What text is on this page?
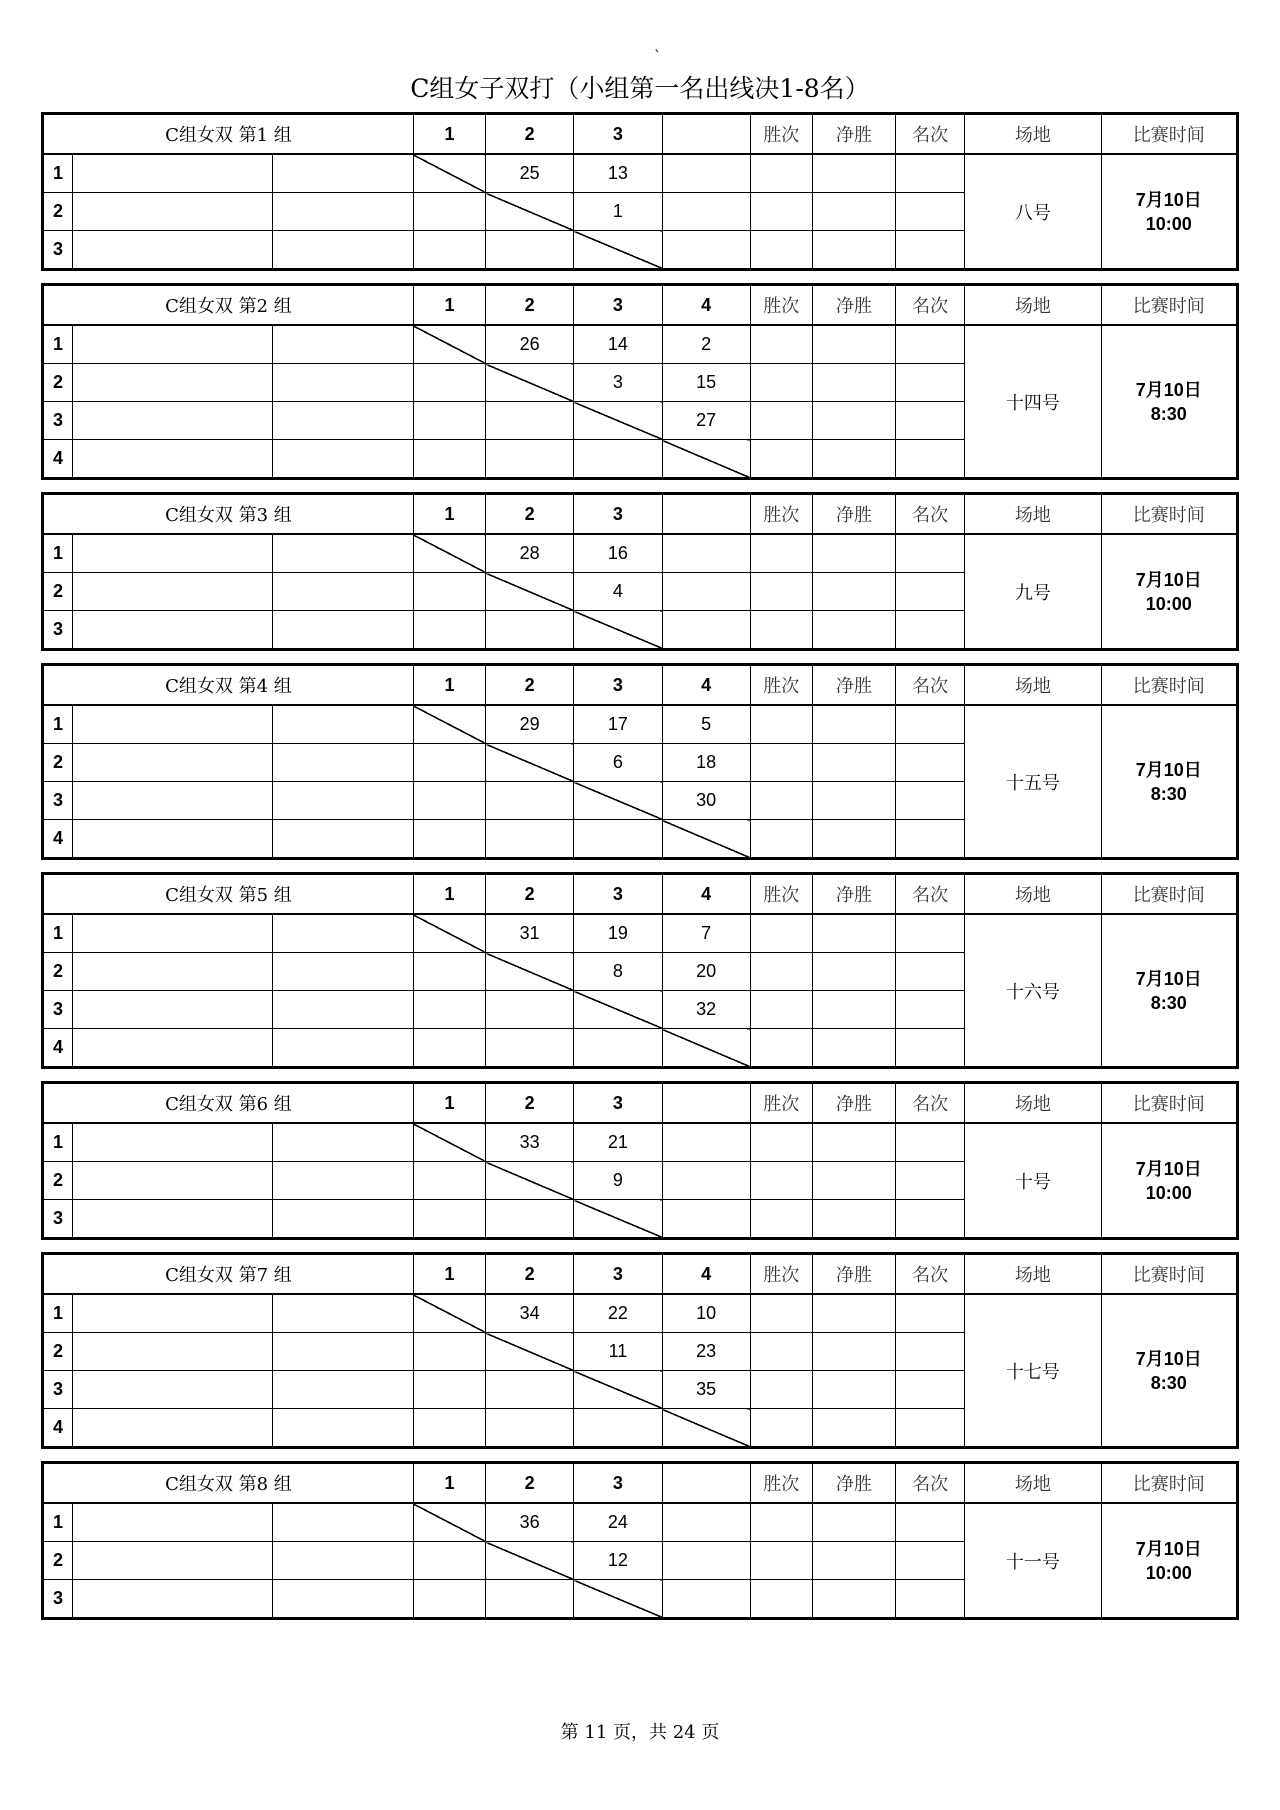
`
C组女子双打（小组第一名出线决1-8名）
C组女双 第1 组			1	2	3		胜次	净胜	名次	场地	比赛时间
1				25	13					八号	7月10日
10:00

2					1						
3											
C组女双 第2 组			1	2	3	4	胜次	净胜	名次	场地	比赛时间
1				26	14	2				十四号	7月10日
8:30

2					3	15					
3						27					
4											
C组女双 第3 组			1	2	3		胜次	净胜	名次	场地	比赛时间
1				28	16					九号	7月10日
10:00

2					4						
3											
C组女双 第4 组			1	2	3	4	胜次	净胜	名次	场地	比赛时间
1				29	17	5				十五号	7月10日
8:30

2					6	18					
3						30					
4											
C组女双 第5 组			1	2	3	4	胜次	净胜	名次	场地	比赛时间
1				31	19	7				十六号	7月10日
8:30

2					8	20					
3						32					
4											
C组女双 第6 组			1	2	3		胜次	净胜	名次	场地	比赛时间
1				33	21					十号	7月10日
10:00

2					9						
3											
C组女双 第7 组			1	2	3	4	胜次	净胜	名次	场地	比赛时间
1				34	22	10				十七号	7月10日
8:30

2					11	23					
3						35					
4											
C组女双 第8 组			1	2	3		胜次	净胜	名次	场地	比赛时间
1				36	24					十一号	7月10日
10:00

2					12						
3											
第 11 页，共 24 页
